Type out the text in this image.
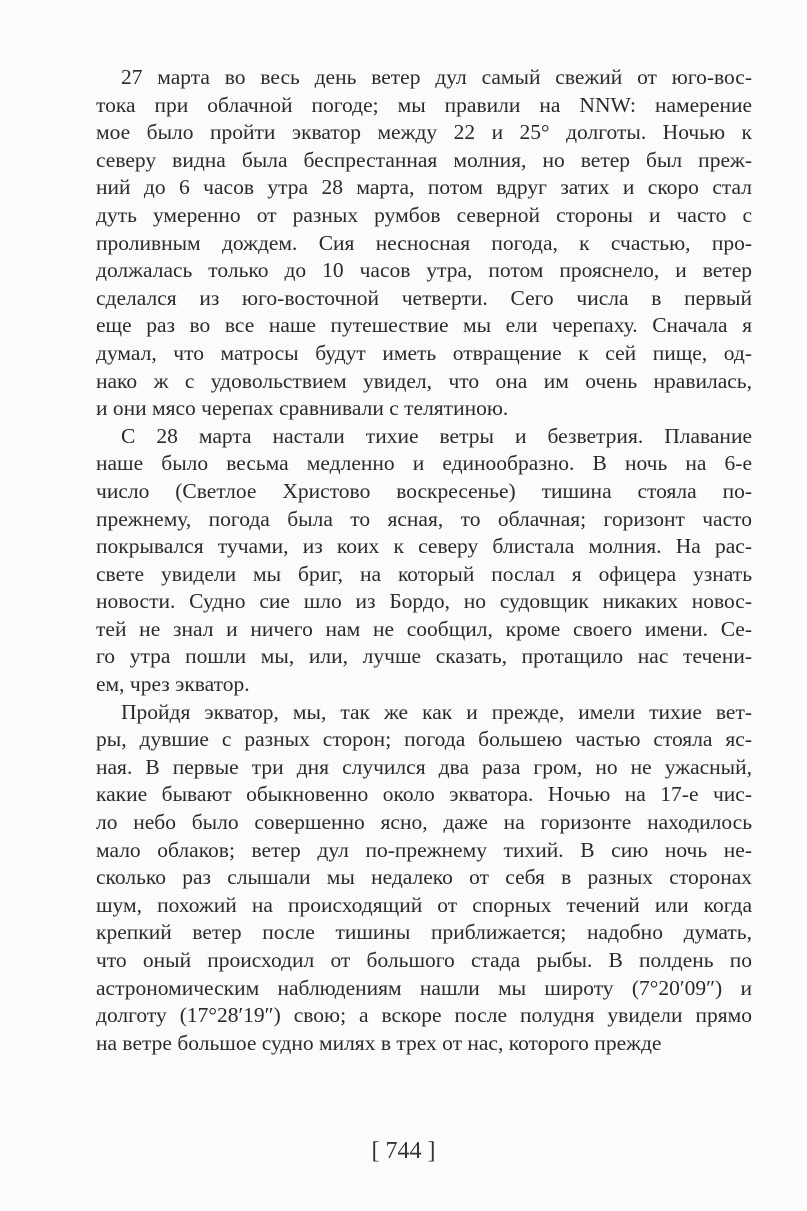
27 марта во весь день ветер дул самый свежий от юго-вос-
тока при облачной погоде; мы правили на NNW: намерение
мое было пройти экватор между 22 и 25° долготы. Ночью к
северу видна была беспрестанная молния, но ветер был преж-
ний до 6 часов утра 28 марта, потом вдруг затих и скоро стал
дуть умеренно от разных румбов северной стороны и часто с
проливным дождем. Сия несносная погода, к счастью, про-
должалась только до 10 часов утра, потом прояснело, и ветер
сделался из юго-восточной четверти. Сего числа в первый
еще раз во все наше путешествие мы ели черепаху. Сначала я
думал, что матросы будут иметь отвращение к сей пище, од-
нако ж с удовольствием увидел, что она им очень нравилась,
и они мясо черепах сравнивали с телятиною.
С 28 марта настали тихие ветры и безветрия. Плавание
наше было весьма медленно и единообразно. В ночь на 6-е
число (Светлое Христово воскресенье) тишина стояла по-
прежнему, погода была то ясная, то облачная; горизонт часто
покрывался тучами, из коих к северу блистала молния. На рас-
свете увидели мы бриг, на который послал я офицера узнать
новости. Судно сие шло из Бордо, но судовщик никаких новос-
тей не знал и ничего нам не сообщил, кроме своего имени. Се-
го утра пошли мы, или, лучше сказать, протащило нас течени-
ем, чрез экватор.
Пройдя экватор, мы, так же как и прежде, имели тихие вет-
ры, дувшие с разных сторон; погода большею частью стояла яс-
ная. В первые три дня случился два раза гром, но не ужасный,
какие бывают обыкновенно около экватора. Ночью на 17-е чис-
ло небо было совершенно ясно, даже на горизонте находилось
мало облаков; ветер дул по-прежнему тихий. В сию ночь не-
сколько раз слышали мы недалеко от себя в разных сторонах
шум, похожий на происходящий от спорных течений или когда
крепкий ветер после тишины приближается; надобно думать,
что оный происходил от большого стада рыбы. В полдень по
астрономическим наблюдениям нашли мы широту (7°20′09″) и
долготу (17°28′19″) свою; а вскоре после полудня увидели прямо
на ветре большое судно милях в трех от нас, которого прежде
[ 744 ]
